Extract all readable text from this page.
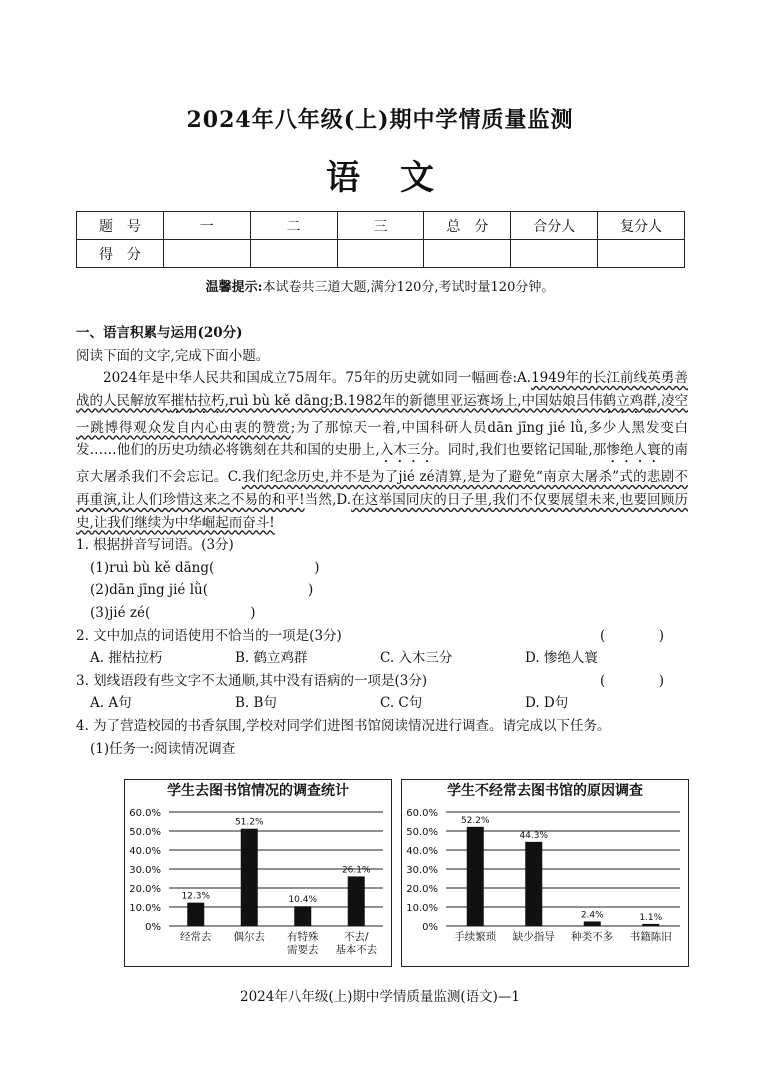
2024年八年级(上)期中学情质量监测
语文
题　号	一	二	三	总　分	合分人	复分人
得　分						
温馨提示:本试卷共三道大题,满分120分,考试时量120分钟。

一、语言积累与运用(20分)

阅读下面的文字,完成下面小题。

2024年是中华人民共和国成立75周年。75年的历史就如同一幅画卷:A.1949年的长江前线英勇善战的人民解放军摧枯拉朽,ruì bù kě dāng;B.1982年的新德里亚运赛场上,中国姑娘吕伟鹤立鸡群,凌空一跳博得观众发自内心由衷的赞赏;为了那惊天一着,中国科研人员dān jīng jié lǜ,多少人黑发变白发……他们的历史功绩必将镌刻在共和国的史册上,入木三分。同时,我们也要铭记国耻,那惨绝人寰的南京大屠杀我们不会忘记。C.我们纪念历史,并不是为了jié zé清算,是为了避免“南京大屠杀”式的悲剧不再重演,让人们珍惜这来之不易的和平!当然,D.在这举国同庆的日子里,我们不仅要展望未来,也要回顾历史,让我们继续为中华崛起而奋斗!

1. 根据拼音写词语。(3分)

(1)ruì bù kě dāng(	)

(2)dān jīng jié lǜ(	)

(3)jié zé(	)

2. 文中加点的词语使用不恰当的一项是(3分)	(　)
A. 摧枯拉朽	B. 鹤立鸡群	C. 入木三分	D. 惨绝人寰
3. 划线语段有些文字不太通顺,其中没有语病的一项是(3分)	(　)
A. A句	B. B句	C. C句	D. D句

4. 为了营造校园的书香氛围,学校对同学们进图书馆阅读情况进行调查。请完成以下任务。

(1)任务一:阅读情况调查

学生去图书馆情况的调查统计
0%
10.0%
20.0%
30.0%
40.0%
50.0%
60.0%
12.3%
经常去
51.2%
偶尔去
10.4%
有特殊需要去
26.1%
不去/基本不去
学生不经常去图书馆的原因调查
0%
10.0%
20.0%
30.0%
40.0%
50.0%
60.0%
52.2%
手续繁琐
44.3%
缺少指导
2.4%
种类不多
1.1%
书籍陈旧
2024年八年级(上)期中学情质量监测(语文)—1
